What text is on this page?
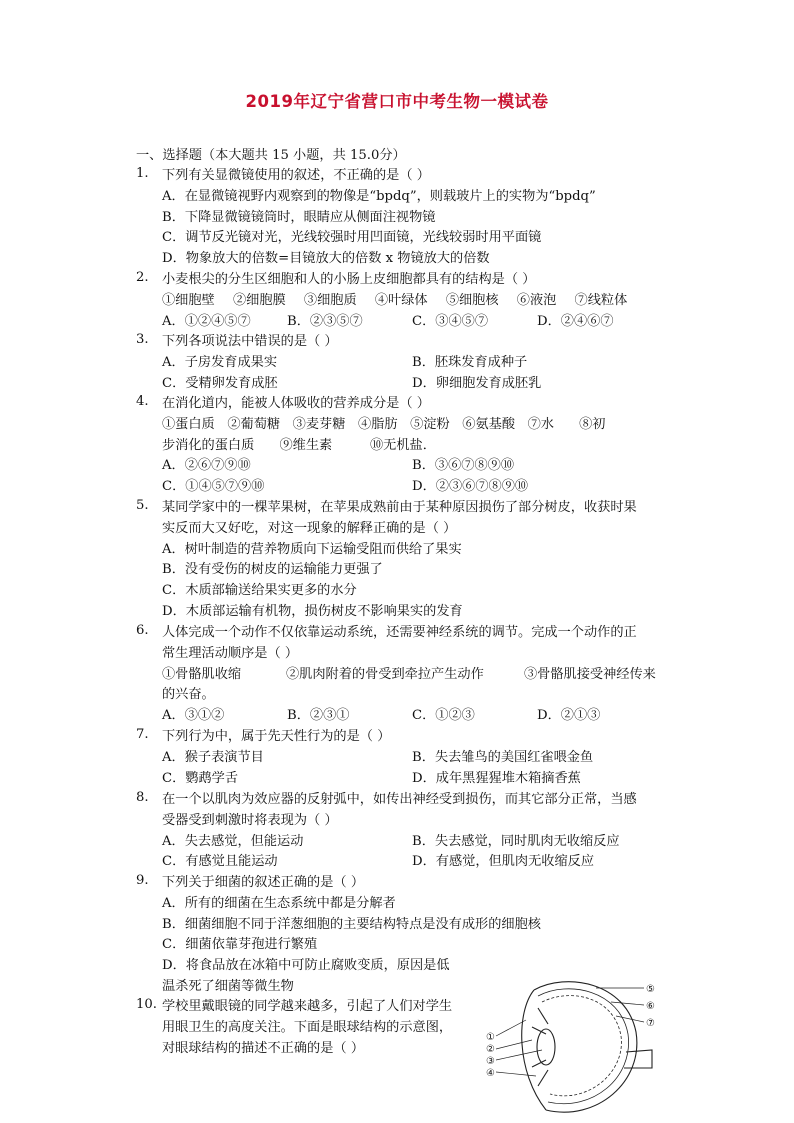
2019年辽宁省营口市中考生物一模试卷
一、选择题（本大题共 15 小题，共 15.0分）
1.	下列有关显微镜使用的叙述，不正确的是（ ）
A．在显微镜视野内观察到的物像是“bpdq”，则载玻片上的实物为“bpdq”
B．下降显微镜镜筒时，眼睛应从侧面注视物镜
C．调节反光镜对光，光线较强时用凹面镜，光线较弱时用平面镜
D．物象放大的倍数=目镜放大的倍数 x 物镜放大的倍数
2.	小麦根尖的分生区细胞和人的小肠上皮细胞都具有的结构是（ ）
①细胞壁 ②细胞膜 ③细胞质 ④叶绿体 ⑤细胞核 ⑥液泡 ⑦线粒体
A．①②④⑤⑦	B．②③⑤⑦	C．③④⑤⑦	D．②④⑥⑦
3.	下列各项说法中错误的是（ ）
A．子房发育成果实	B．胚珠发育成种子
C．受精卵发育成胚	D．卵细胞发育成胚乳
4.	在消化道内，能被人体吸收的营养成分是（ ）
①蛋白质   ②葡萄糖   ③麦芽糖   ④脂肪   ⑤淀粉   ⑥氨基酸   ⑦水      ⑧初
步消化的蛋白质      ⑨维生素         ⑩无机盐．
A．②⑥⑦⑨⑩	B．③⑥⑦⑧⑨⑩
C．①④⑤⑦⑨⑩	D．②③⑥⑦⑧⑨⑩
5.	某同学家中的一棵苹果树，在苹果成熟前由于某种原因损伤了部分树皮，收获时果
实反而大又好吃，对这一现象的解释正确的是（ ）
A．树叶制造的营养物质向下运输受阻而供给了果实
B．没有受伤的树皮的运输能力更强了
C．木质部输送给果实更多的水分
D．木质部运输有机物，损伤树皮不影响果实的发育
6.	人体完成一个动作不仅依靠运动系统，还需要神经系统的调节。完成一个动作的正
常生理活动顺序是（ ）
①骨骼肌收缩	②肌肉附着的骨受到牵拉产生动作	③骨骼肌接受神经传来
的兴奋。
A．③①②	B．②③①	C．①②③	D．②①③
7.	下列行为中，属于先天性行为的是（ ）
A．猴子表演节目	B．失去雏鸟的美国红雀喂金鱼
C．鹦鹉学舌	D．成年黑猩猩堆木箱摘香蕉
8.	在一个以肌肉为效应器的反射弧中，如传出神经受到损伤，而其它部分正常，当感
受器受到刺激时将表现为（ ）
A．失去感觉，但能运动	B．失去感觉，同时肌肉无收缩反应
C．有感觉且能运动	D．有感觉，但肌肉无收缩反应
9.	下列关于细菌的叙述正确的是（ ）
A．所有的细菌在生态系统中都是分解者
B．细菌细胞不同于洋葱细胞的主要结构特点是没有成形的细胞核
C．细菌依靠芽孢进行繁殖
D．将食品放在冰箱中可防止腐败变质，原因是低
温杀死了细菌等微生物
10. 学校里戴眼镜的同学越来越多，引起了人们对学生
用眼卫生的高度关注。下面是眼球结构的示意图，
对眼球结构的描述不正确的是（ ）
①
②
③
④
⑤
⑥
⑦
